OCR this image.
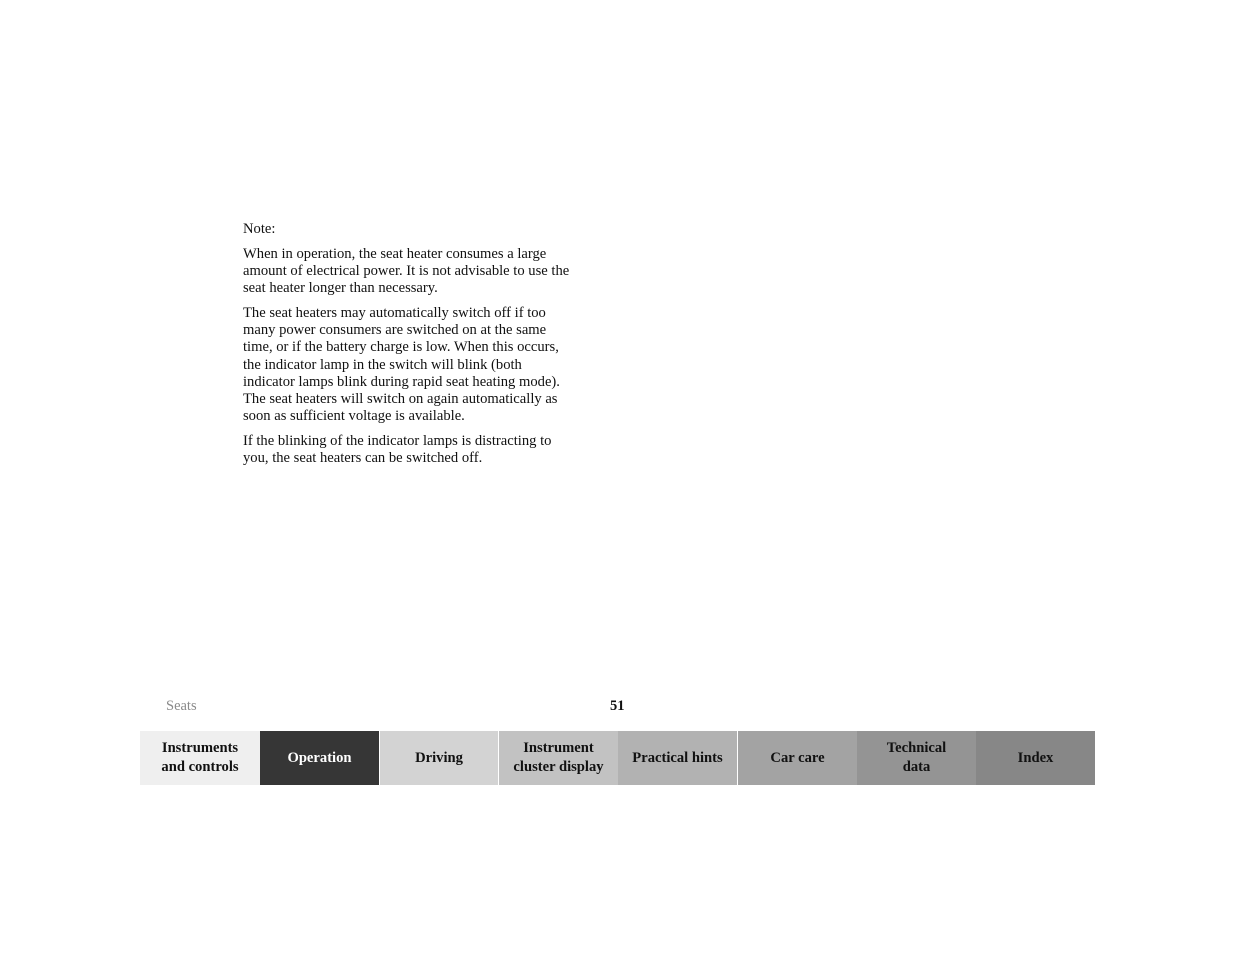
Note:

When in operation, the seat heater consumes a large
amount of electrical power. It is not advisable to use the
seat heater longer than necessary.

The seat heaters may automatically switch off if too
many power consumers are switched on at the same
time, or if the battery charge is low. When this occurs,
the indicator lamp in the switch will blink (both
indicator lamps blink during rapid seat heating mode).
The seat heaters will switch on again automatically as
soon as sufficient voltage is available.

If the blinking of the indicator lamps is distracting to
you, the seat heaters can be switched off.

Seats	51
Instruments
and controls
Operation	Driving
Instrument
cluster display
Practical hints	Car care
Technical
data
Index
